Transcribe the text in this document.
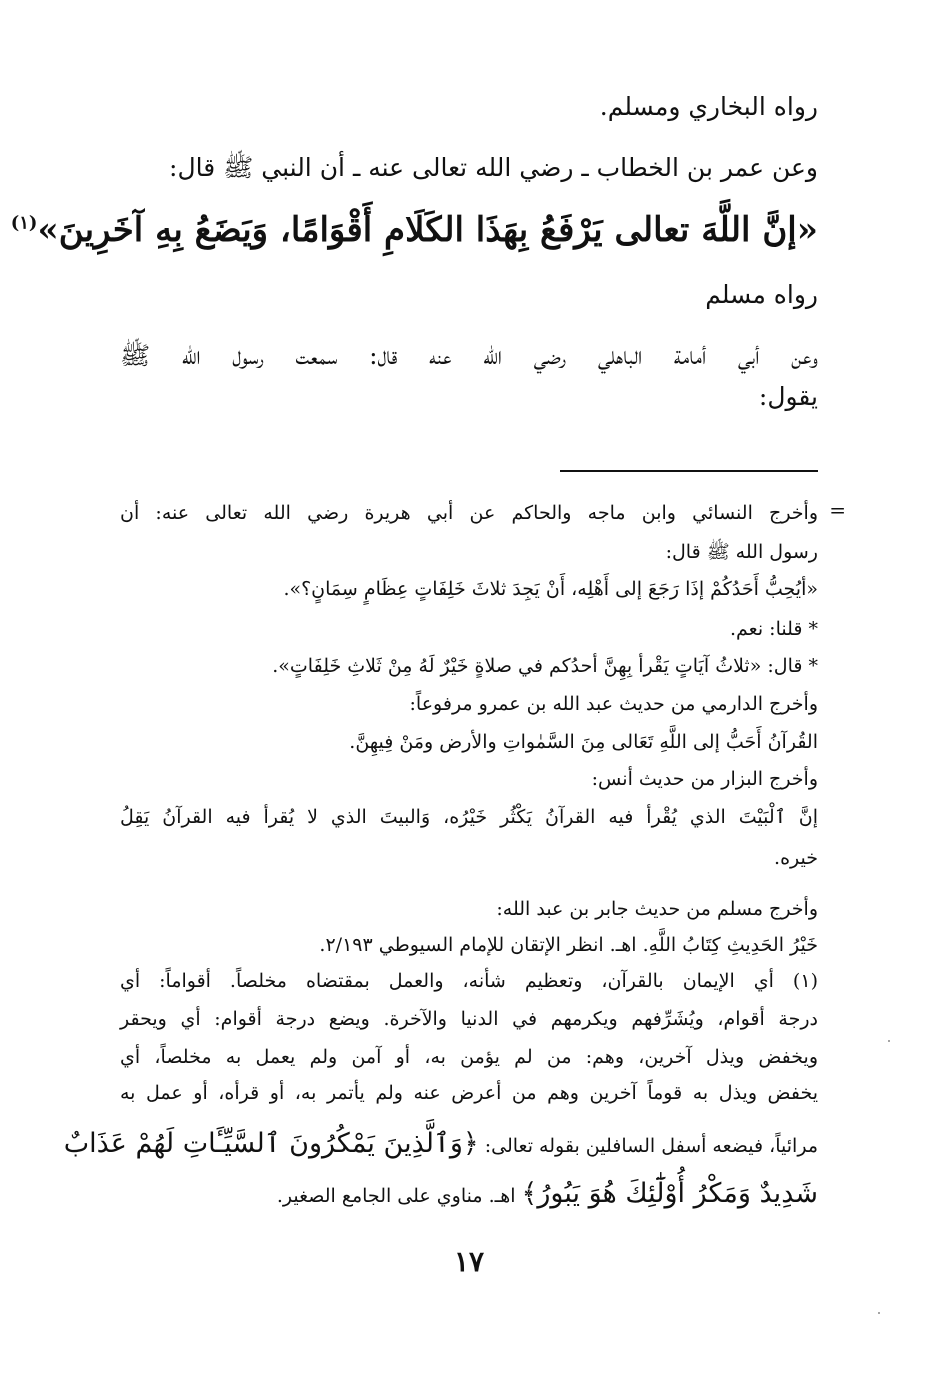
رواه البخاري ومسلم.
وعن عمر بن الخطاب ـ رضي الله تعالى عنه ـ أن النبي ﷺ قال:
«إنَّ اللَّهَ تعالى يَرْفَعُ بِهَذَا الكَلَامِ أَقْوَامًا، وَيَضَعُ بِهِ آخَرِينَ»$^{(١)}$
رواه مسلم
وعن أبي أمامة الباهلي رضي الله عنه قال: سمعت رسول الله ﷺ
يقول:
=
وأخرج النسائي وابن ماجه والحاكم عن أبي هريرة رضي الله تعالى عنه: أن
رسول الله ﷺ قال:
«أيُحِبُّ أَحَدُكُمْ إذَا رَجَعَ إلى أَهْلِه، أَنْ يَجِدَ ثلاثَ خَلِفَاتٍ عِظَامٍ سِمَانٍ؟».
* قلنا: نعم.
* قال: «ثلاثُ آيَاتٍ يَقْرأ بِهِنَّ أحدُكم في صلاةٍ خَيْرٌ لَهُ مِنْ ثَلاثِ خَلِفَاتٍ».
وأخرج الدارمي من حديث عبد الله بن عمرو مرفوعاً:
القُرآنُ أَحَبُّ إلى اللَّهِ تَعَالى مِنَ السَّمٰواتِ والأرض ومَنْ فِيهِنَّ.
وأخرج البزار من حديث أنس:
إنَّ ٱلْبَيْتَ الذي يُقْرأ فيه القرآنُ يَكْثُر خَيْرُه، وَالبيتَ الذي لا يُقرأ فيه القرآنُ يَقِلُ
خيره.
وأخرج مسلم من حديث جابر بن عبد الله:
خَيْرُ الحَدِيثِ كِتَابُ اللَّهِ. اهـ. انظر الإتقان للإمام السيوطي ٢/١٩٣.
(١) أي الإيمان بالقرآن، وتعظيم شأنه، والعمل بمقتضاه مخلصاً. أقواماً: أي
درجة أقوام، ويُشَرِّفهم ويكرمهم في الدنيا والآخرة. ويضع درجة أقوام: أي ويحقر
ويخفض ويذل آخرين، وهم: من لم يؤمن به، أو آمن ولم يعمل به مخلصاً، أي
يخفض ويذل به قوماً آخرين وهم من أعرض عنه ولم يأتمر به، أو قرأه، أو عمل به
مرائياً، فيضعه أسفل السافلين بقوله تعالى: ﴿وَٱلَّذِينَ يَمْكُرُونَ ٱلسَّيِّـَٔاتِ لَهُمْ عَذَابٌ
شَدِيدٌ وَمَكْرُ أُوْلَٰٓئِكَ هُوَ يَبُورُ﴾ اهـ. مناوي على الجامع الصغير.
١٧
